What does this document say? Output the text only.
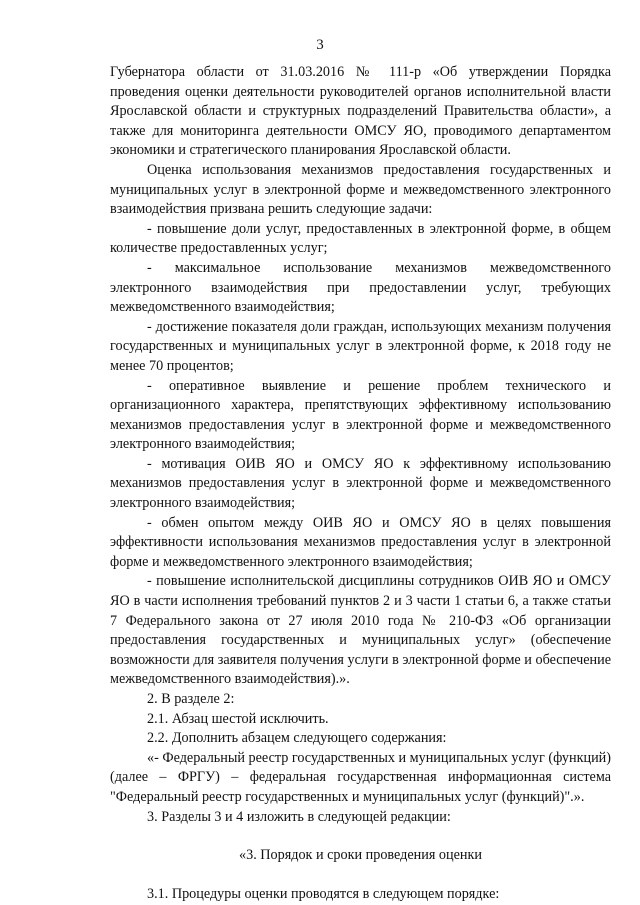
3

Губернатора области от 31.03.2016 № 111-р «Об утверждении Порядка проведения оценки деятельности руководителей органов исполнительной власти Ярославской области и структурных подразделений Правительства области», а также для мониторинга деятельности ОМСУ ЯО, проводимого департаментом экономики и стратегического планирования Ярославской области.

Оценка использования механизмов предоставления государственных и муниципальных услуг в электронной форме и межведомственного электронного взаимодействия призвана решить следующие задачи:

- повышение доли услуг, предоставленных в электронной форме, в общем количестве предоставленных услуг;

- максимальное использование механизмов межведомственного электронного взаимодействия при предоставлении услуг, требующих межведомственного взаимодействия;

- достижение показателя доли граждан, использующих механизм получения государственных и муниципальных услуг в электронной форме, к 2018 году не менее 70 процентов;

- оперативное выявление и решение проблем технического и организационного характера, препятствующих эффективному использованию механизмов предоставления услуг в электронной форме и межведомственного электронного взаимодействия;

- мотивация ОИВ ЯО и ОМСУ ЯО к эффективному использованию механизмов предоставления услуг в электронной форме и межведомственного электронного взаимодействия;

- обмен опытом между ОИВ ЯО и ОМСУ ЯО в целях повышения эффективности использования механизмов предоставления услуг в электронной форме и межведомственного электронного взаимодействия;

- повышение исполнительской дисциплины сотрудников ОИВ ЯО и ОМСУ ЯО в части исполнения требований пунктов 2 и 3 части 1 статьи 6, а также статьи 7 Федерального закона от 27 июля 2010 года № 210-ФЗ «Об организации предоставления государственных и муниципальных услуг» (обеспечение возможности для заявителя получения услуги в электронной форме и обеспечение межведомственного взаимодействия).».

2. В разделе 2:

2.1. Абзац шестой исключить.

2.2. Дополнить абзацем следующего содержания:

«- Федеральный реестр государственных и муниципальных услуг (функций) (далее – ФРГУ) – федеральная государственная информационная система "Федеральный реестр государственных и муниципальных услуг (функций)".».

3. Разделы 3 и 4 изложить в следующей редакции:

«3. Порядок и сроки проведения оценки

3.1. Процедуры оценки проводятся в следующем порядке:
